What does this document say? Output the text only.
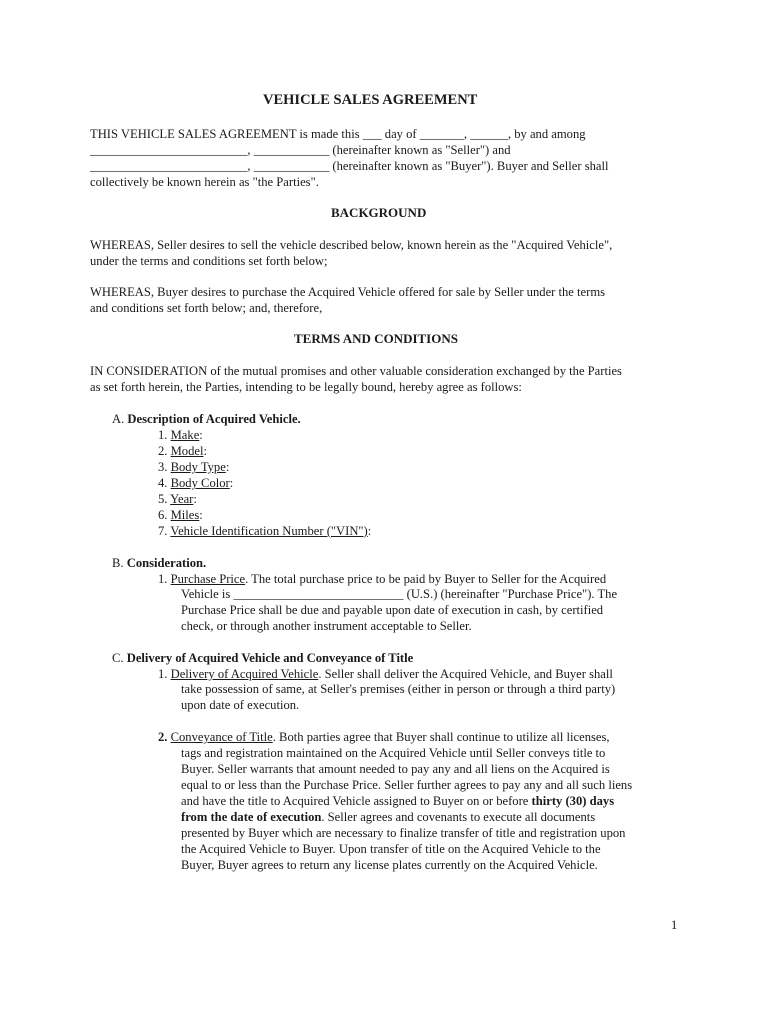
VEHICLE SALES AGREEMENT
THIS VEHICLE SALES AGREEMENT is made this ___ day of _______, ______, by and among
_________________________, ____________ (hereinafter known as "Seller") and
_________________________, ____________ (hereinafter known as "Buyer"). Buyer and Seller shall
collectively be known herein as "the Parties".
BACKGROUND
WHEREAS, Seller desires to sell the vehicle described below, known herein as the "Acquired Vehicle",
under the terms and conditions set forth below;
WHEREAS, Buyer desires to purchase the Acquired Vehicle offered for sale by Seller under the terms
and conditions set forth below; and, therefore,
TERMS AND CONDITIONS
IN CONSIDERATION of the mutual promises and other valuable consideration exchanged by the Parties
as set forth herein, the Parties, intending to be legally bound, hereby agree as follows:
A. Description of Acquired Vehicle.
1. Make:
2. Model:
3. Body Type:
4. Body Color:
5. Year:
6. Miles:
7. Vehicle Identification Number ("VIN"):
B. Consideration.
1. Purchase Price. The total purchase price to be paid by Buyer to Seller for the Acquired
Vehicle is ___________________________ (U.S.) (hereinafter "Purchase Price"). The
Purchase Price shall be due and payable upon date of execution in cash, by certified
check, or through another instrument acceptable to Seller.
C. Delivery of Acquired Vehicle and Conveyance of Title
1. Delivery of Acquired Vehicle. Seller shall deliver the Acquired Vehicle, and Buyer shall
take possession of same, at Seller's premises (either in person or through a third party)
upon date of execution.
2. Conveyance of Title. Both parties agree that Buyer shall continue to utilize all licenses,
tags and registration maintained on the Acquired Vehicle until Seller conveys title to
Buyer. Seller warrants that amount needed to pay any and all liens on the Acquired is
equal to or less than the Purchase Price. Seller further agrees to pay any and all such liens
and have the title to Acquired Vehicle assigned to Buyer on or before thirty (30) days
from the date of execution. Seller agrees and covenants to execute all documents
presented by Buyer which are necessary to finalize transfer of title and registration upon
the Acquired Vehicle to Buyer. Upon transfer of title on the Acquired Vehicle to the
Buyer, Buyer agrees to return any license plates currently on the Acquired Vehicle.
1
